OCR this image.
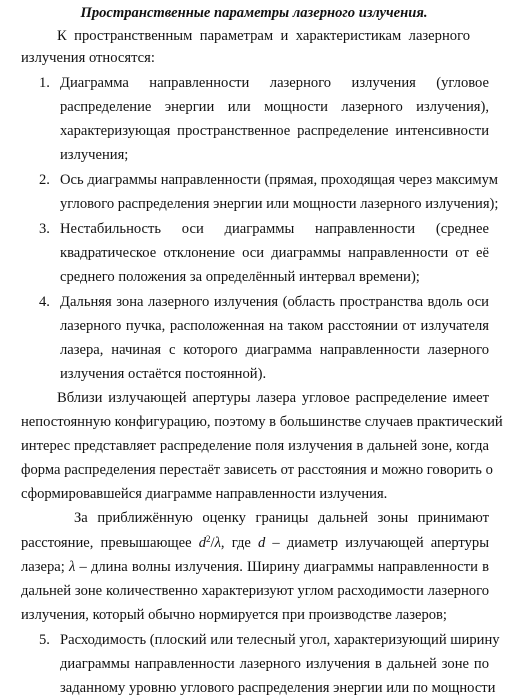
Пространственные параметры лазерного излучения.
К пространственным параметрам и характеристикам лазерного
излучения относятся:
1. Диаграмма направленности лазерного излучения (угловое
распределение энергии или мощности лазерного излучения),
характеризующая пространственное распределение интенсивности
излучения;
2. Ось диаграммы направленности (прямая, проходящая через максимум
углового распределения энергии или мощности лазерного излучения);
3. Нестабильность оси диаграммы направленности (среднее
квадратическое отклонение оси диаграммы направленности от её
среднего положения за определённый интервал времени);
4. Дальняя зона лазерного излучения (область пространства вдоль оси
лазерного пучка, расположенная на таком расстоянии от излучателя
лазера, начиная с которого диаграмма направленности лазерного
излучения остаётся постоянной).
Вблизи излучающей апертуры лазера угловое распределение имеет
непостоянную конфигурацию, поэтому в большинстве случаев практический
интерес представляет распределение поля излучения в дальней зоне, когда
форма распределения перестаёт зависеть от расстояния и можно говорить о
сформировавшейся диаграмме направленности излучения.
За приближённую оценку границы дальней зоны принимают
расстояние, превышающее $d^2/\lambda$, где d – диаметр излучающей апертуры
лазера; λ – длина волны излучения. Ширину диаграммы направленности в
дальней зоне количественно характеризуют углом расходимости лазерного
излучения, который обычно нормируется при производстве лазеров;
5. Расходимость (плоский или телесный угол, характеризующий ширину
диаграммы направленности лазерного излучения в дальней зоне по
заданному уровню углового распределения энергии или по мощности
